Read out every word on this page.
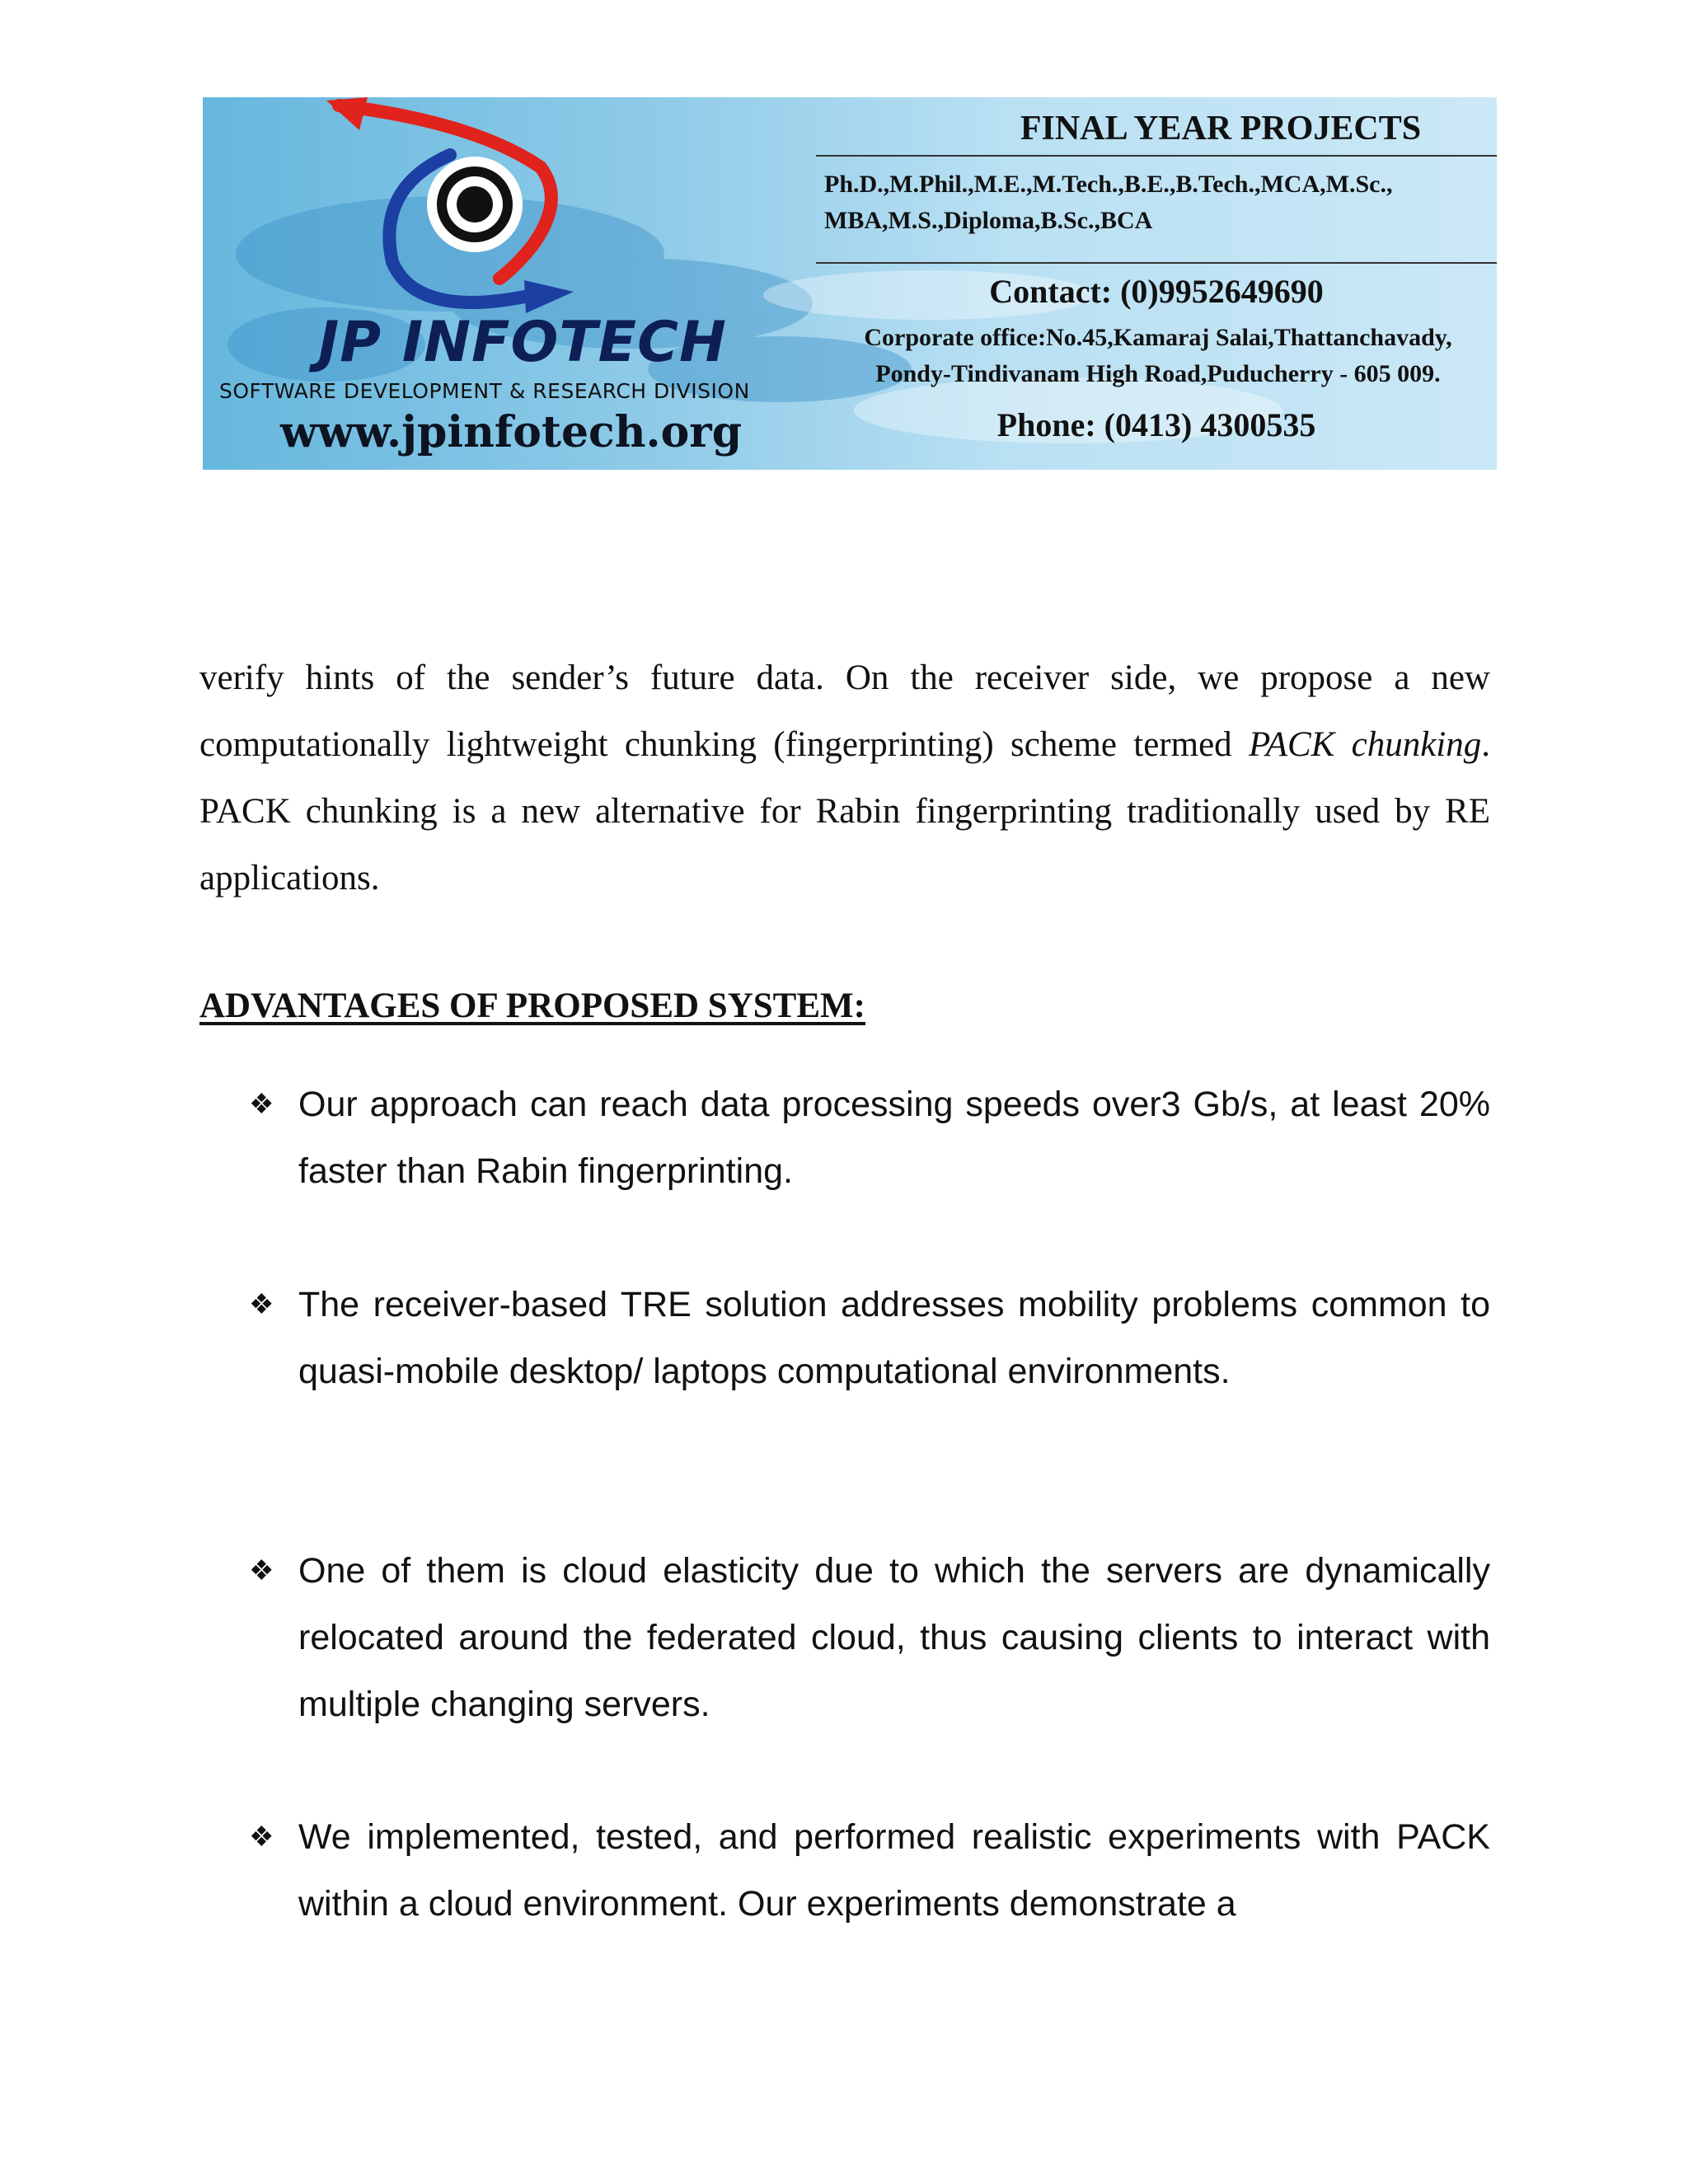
JP INFOTECH
SOFTWARE DEVELOPMENT & RESEARCH DIVISION
www.jpinfotech.org
FINAL YEAR PROJECTS
Ph.D.,M.Phil.,M.E.,M.Tech.,B.E.,B.Tech.,MCA,M.Sc.,
MBA,M.S.,Diploma,B.Sc.,BCA
Contact: (0)9952649690
Corporate office:No.45,Kamaraj Salai,Thattanchavady,
Pondy-Tindivanam High Road,Puducherry - 605 009.
Phone: (0413) 4300535

verify hints of the sender’s future data. On the receiver side, we propose a new computationally lightweight chunking (fingerprinting) scheme termed PACK chunking. PACK chunking is a new alternative for Rabin fingerprinting traditionally used by RE applications.

ADVANTAGES OF PROPOSED SYSTEM:
❖ Our approach can reach data processing speeds over3 Gb/s, at least 20% faster than Rabin fingerprinting.
❖ The receiver-based TRE solution addresses mobility problems common to quasi-mobile desktop/ laptops computational environments.
❖ One of them is cloud elasticity due to which the servers are dynamically relocated around the federated cloud, thus causing clients to interact with multiple changing servers.
❖ We implemented, tested, and performed realistic experiments with PACK within a cloud environment. Our experiments demonstrate a
